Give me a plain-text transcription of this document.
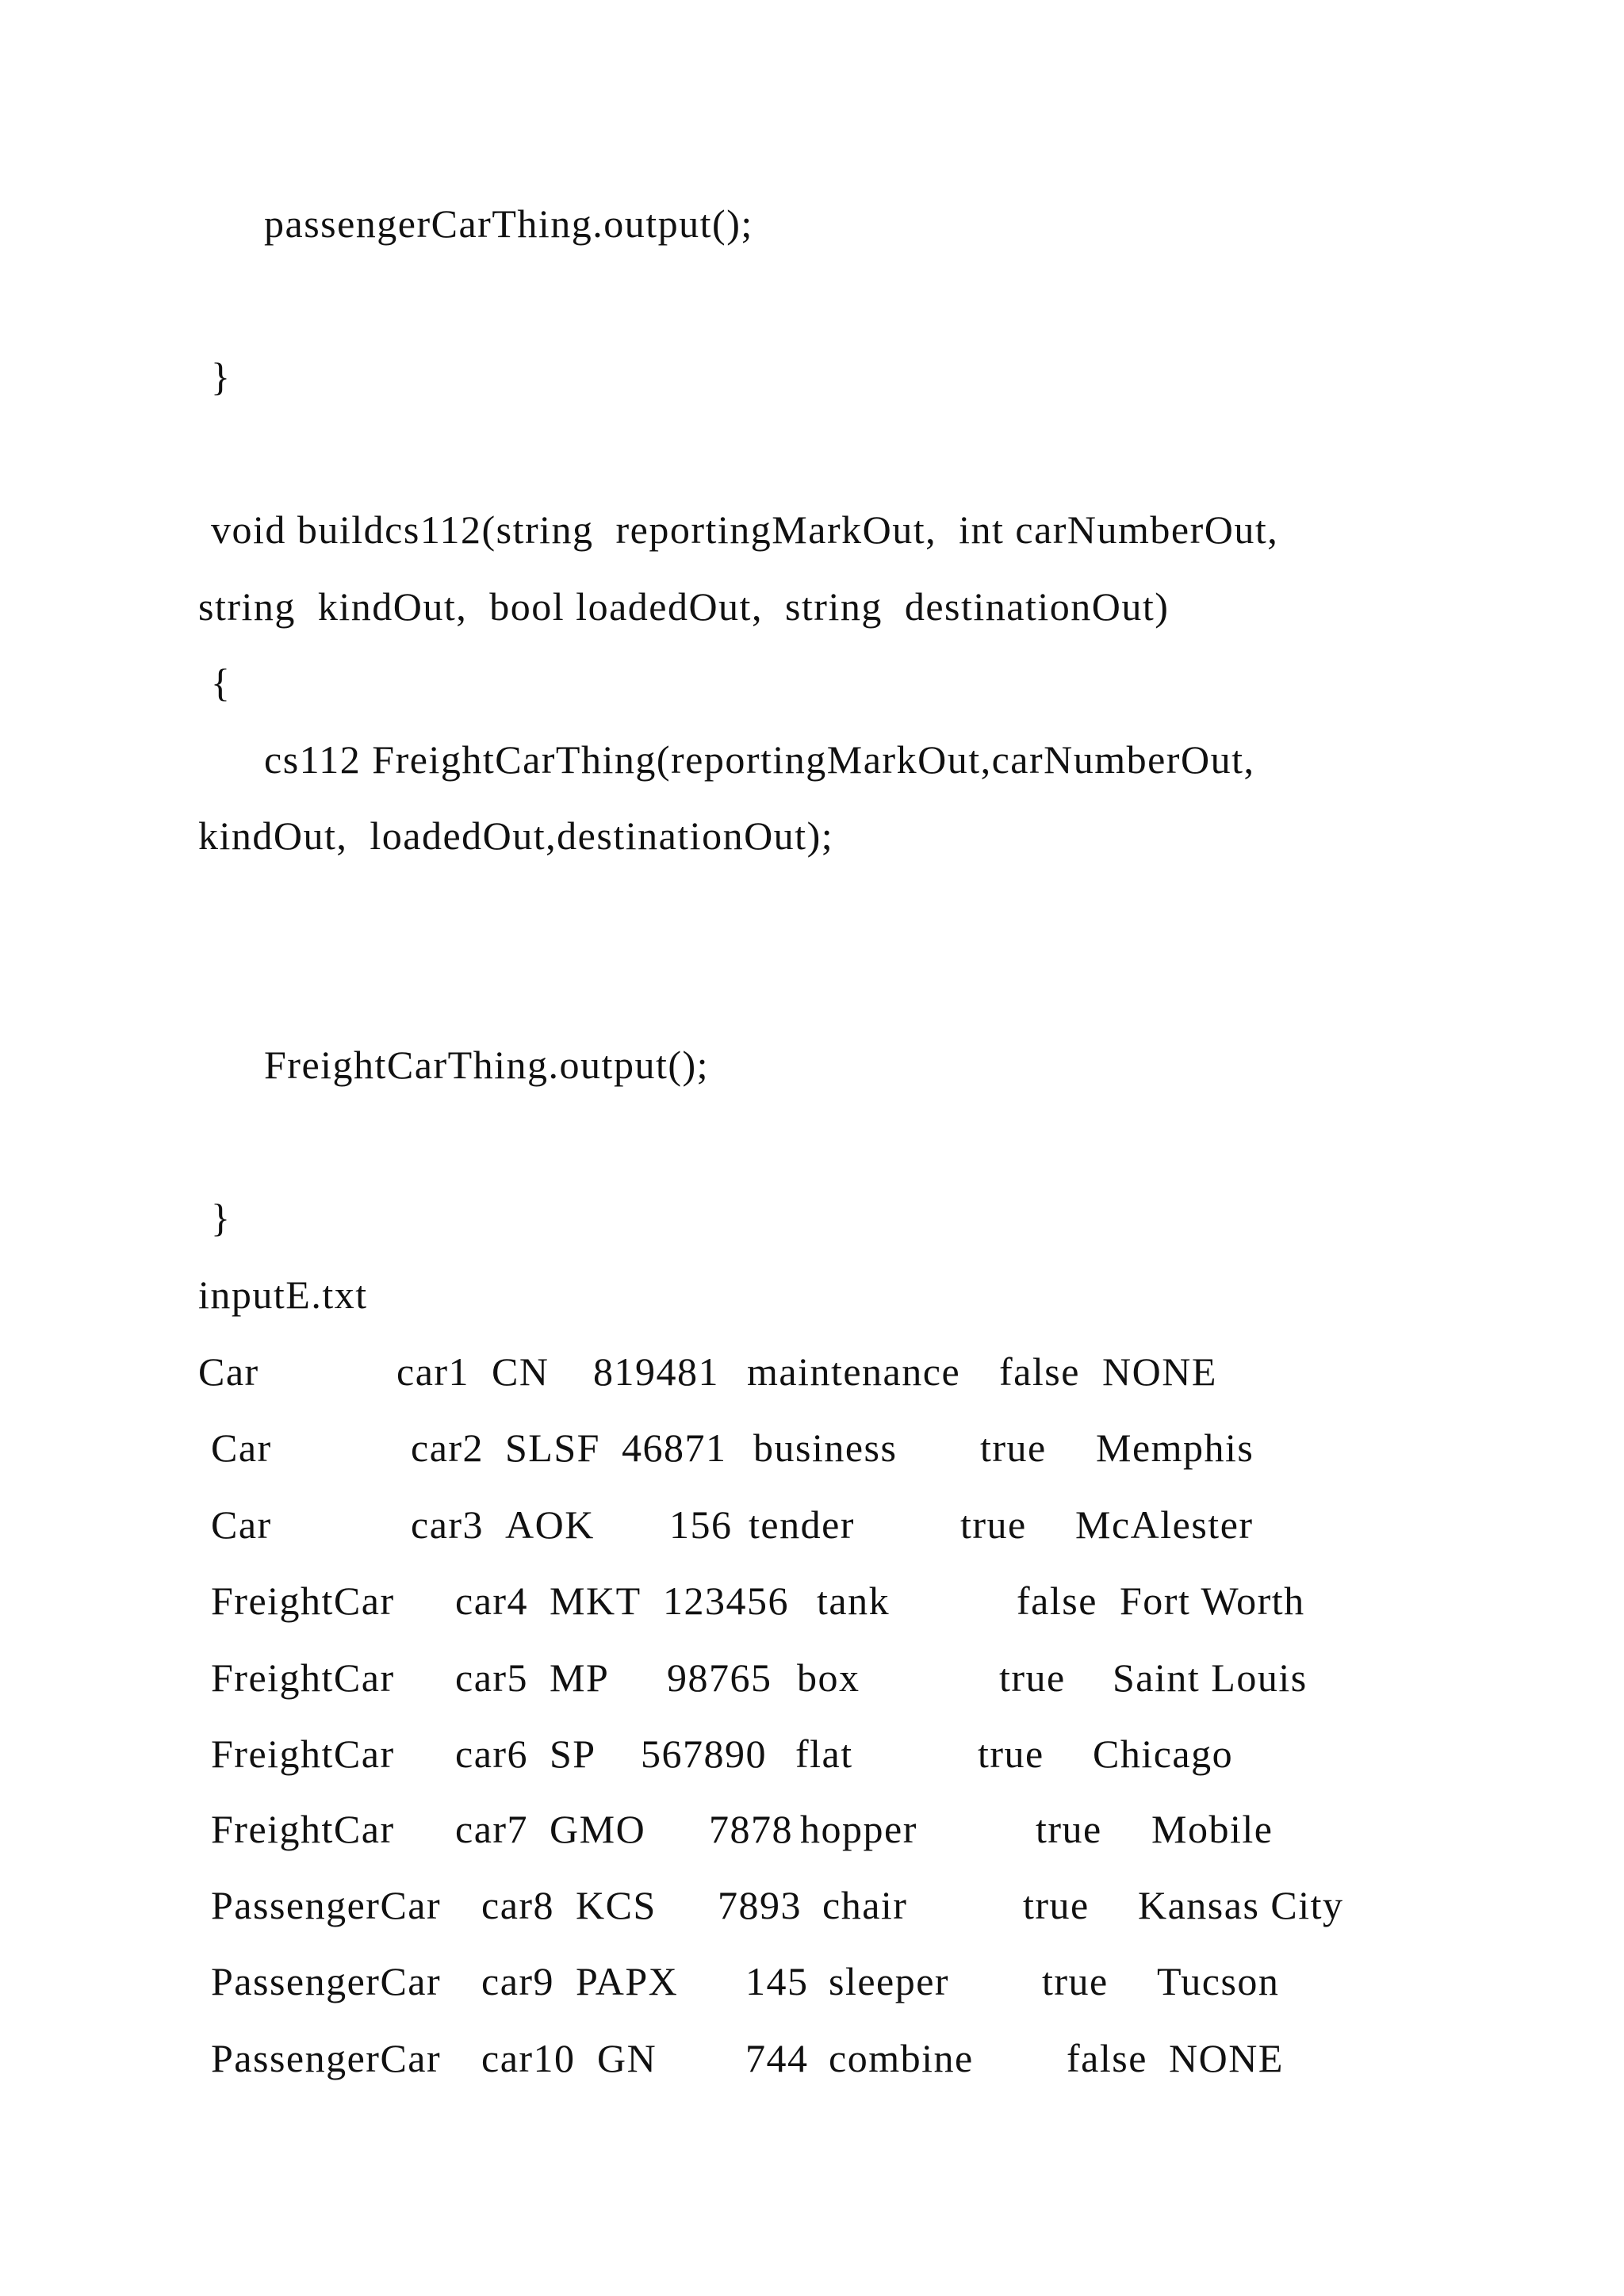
passengerCarThing.output();
}
void buildcs112(string  reportingMarkOut,  int carNumberOut,
string  kindOut,  bool loadedOut,  string  destinationOut)
{
cs112 FreightCarThing(reportingMarkOut,carNumberOut,
kindOut,  loadedOut,destinationOut);
FreightCarThing.output();
}
inputE.txt
Car	car1 CN 819481 maintenance false NONE
Car	car2 SLSF 46871 business true Memphis
Car	car3 AOK 156 tender	true McAlester
FreightCar car4 MKT 123456 tank	false Fort Worth
FreightCar car5 MP 98765 box	true Saint Louis
FreightCar car6 SP 567890 flat	true Chicago
FreightCar car7 GMO 7878 hopper	true Mobile
PassengerCar car8 KCS 7893 chair	true Kansas City
PassengerCar car9 PAPX 145 sleeper true Tucson
PassengerCar car10 GN 744 combine false NONE
